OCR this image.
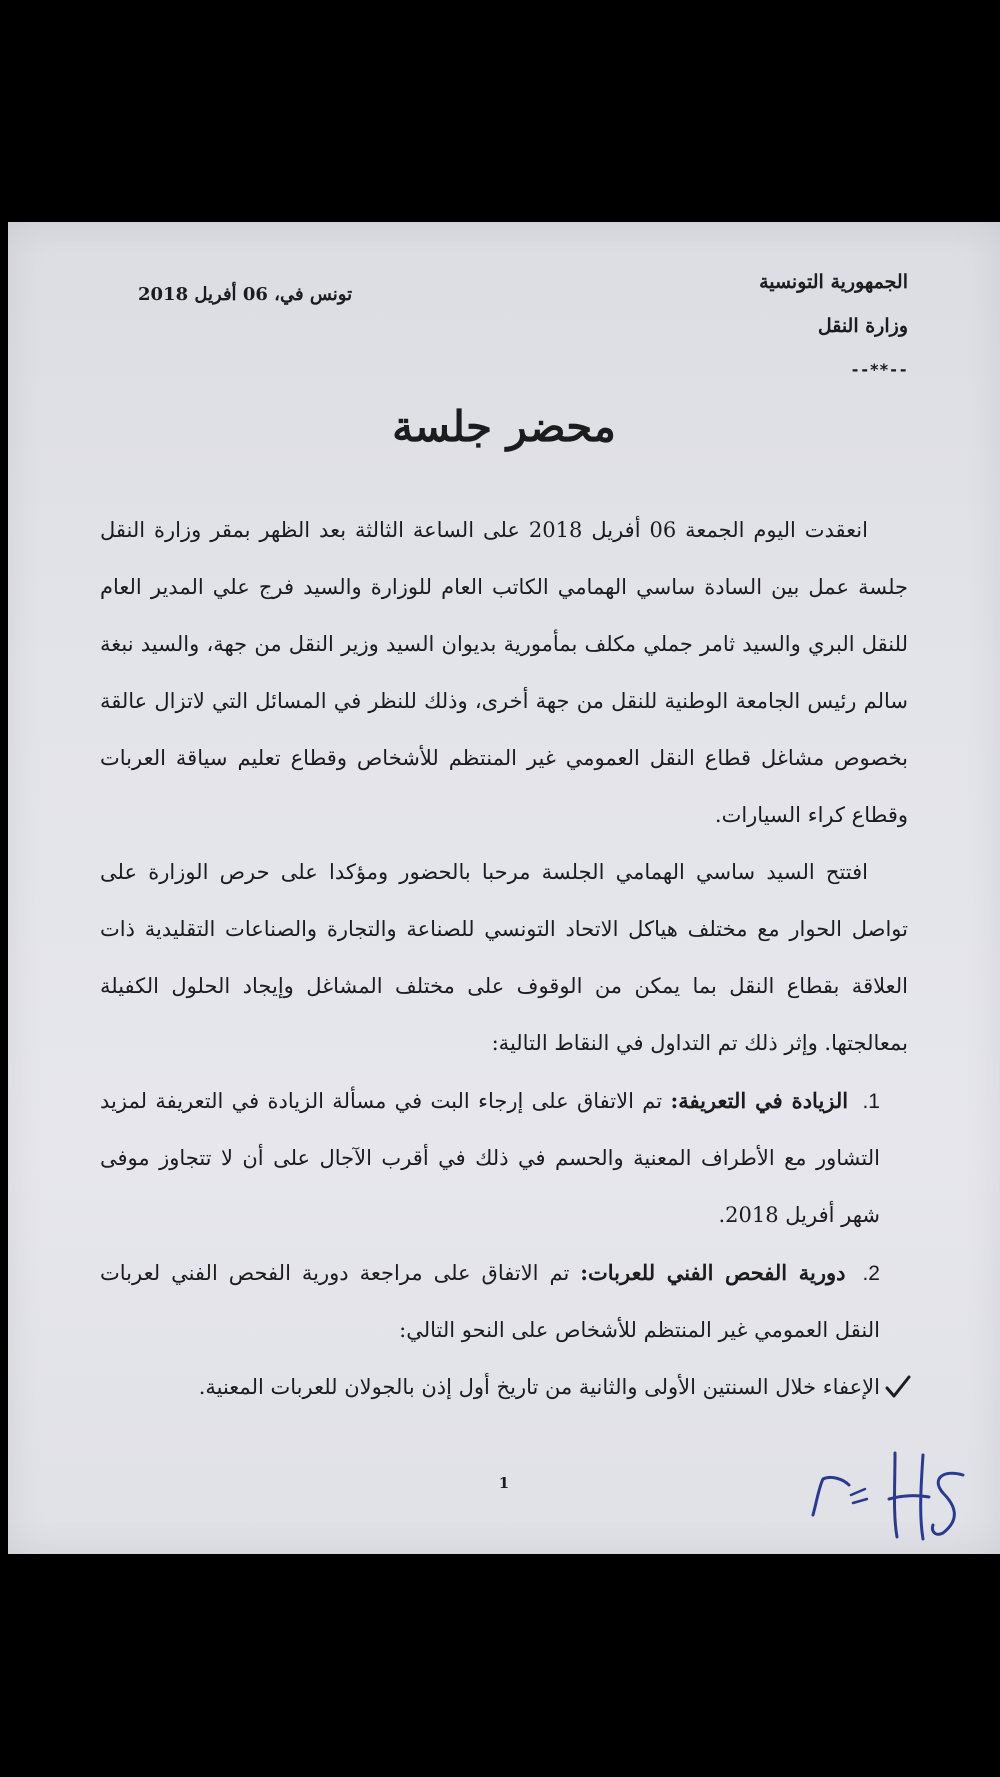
الجمهورية التونسية
وزارة النقل
--**--
تونس في، 06 أفريل 2018
محضر جلسة

انعقدت اليوم الجمعة 06 أفريل 2018 على الساعة الثالثة بعد الظهر بمقر وزارة النقل جلسة عمل بين السادة ساسي الهمامي الكاتب العام للوزارة والسيد فرج علي المدير العام للنقل البري والسيد ثامر جملي مكلف بمأمورية بديوان السيد وزير النقل من جهة، والسيد نبغة سالم رئيس الجامعة الوطنية للنقل من جهة أخرى، وذلك للنظر في المسائل التي لاتزال عالقة بخصوص مشاغل قطاع النقل العمومي غير المنتظم للأشخاص وقطاع تعليم سياقة العربات وقطاع كراء السيارات.

افتتح السيد ساسي الهمامي الجلسة مرحبا بالحضور ومؤكدا على حرص الوزارة على تواصل الحوار مع مختلف هياكل الاتحاد التونسي للصناعة والتجارة والصناعات التقليدية ذات العلاقة بقطاع النقل بما يمكن من الوقوف على مختلف المشاغل وإيجاد الحلول الكفيلة بمعالجتها. وإثر ذلك تم التداول في النقاط التالية:

1. الزيادة في التعريفة: تم الاتفاق على إرجاء البت في مسألة الزيادة في التعريفة لمزيد التشاور مع الأطراف المعنية والحسم في ذلك في أقرب الآجال على أن لا تتجاوز موفى شهر أفريل 2018.
2. دورية الفحص الفني للعربات: تم الاتفاق على مراجعة دورية الفحص الفني لعربات النقل العمومي غير المنتظم للأشخاص على النحو التالي:
الإعفاء خلال السنتين الأولى والثانية من تاريخ أول إذن بالجولان للعربات المعنية.
1
